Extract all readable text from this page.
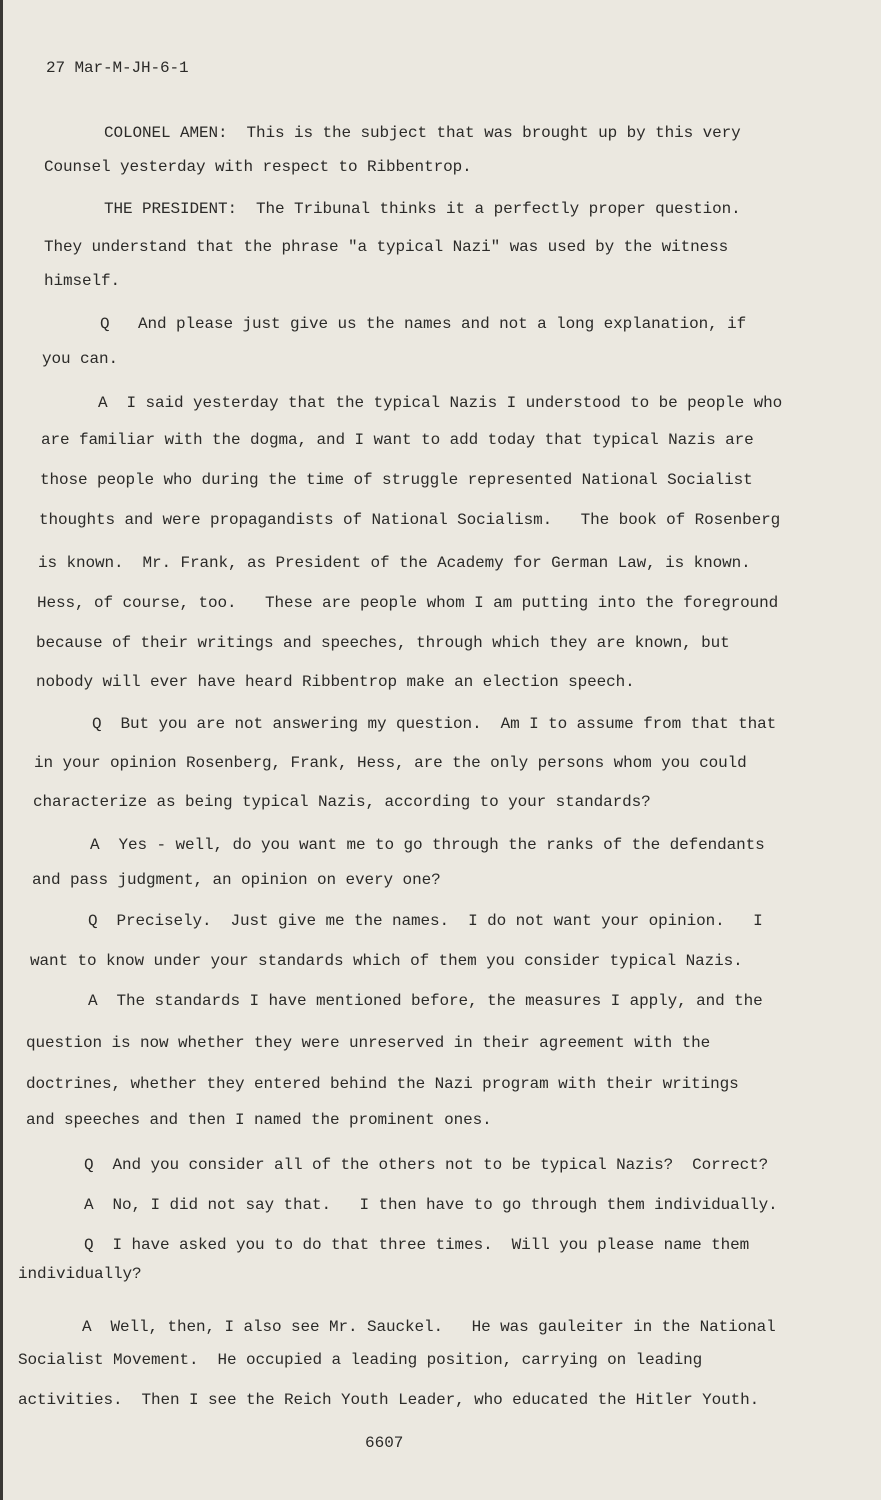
27 Mar-M-JH-6-1
COLONEL AMEN:  This is the subject that was brought up by this very
Counsel yesterday with respect to Ribbentrop.
THE PRESIDENT:  The Tribunal thinks it a perfectly proper question.
They understand that the phrase "a typical Nazi" was used by the witness
himself.
Q   And please just give us the names and not a long explanation, if
you can.
A  I said yesterday that the typical Nazis I understood to be people who
are familiar with the dogma, and I want to add today that typical Nazis are
those people who during the time of struggle represented National Socialist
thoughts and were propagandists of National Socialism.   The book of Rosenberg
is known.  Mr. Frank, as President of the Academy for German Law, is known.
Hess, of course, too.   These are people whom I am putting into the foreground
because of their writings and speeches, through which they are known, but
nobody will ever have heard Ribbentrop make an election speech.
Q  But you are not answering my question.  Am I to assume from that that
in your opinion Rosenberg, Frank, Hess, are the only persons whom you could
characterize as being typical Nazis, according to your standards?
A  Yes - well, do you want me to go through the ranks of the defendants
and pass judgment, an opinion on every one?
Q  Precisely.  Just give me the names.  I do not want your opinion.   I
want to know under your standards which of them you consider typical Nazis.
A  The standards I have mentioned before, the measures I apply, and the
question is now whether they were unreserved in their agreement with the
doctrines, whether they entered behind the Nazi program with their writings
and speeches and then I named the prominent ones.
Q  And you consider all of the others not to be typical Nazis?  Correct?
A  No, I did not say that.   I then have to go through them individually.
Q  I have asked you to do that three times.  Will you please name them
individually?
A  Well, then, I also see Mr. Sauckel.   He was gauleiter in the National
Socialist Movement.  He occupied a leading position, carrying on leading
activities.  Then I see the Reich Youth Leader, who educated the Hitler Youth.
6607
